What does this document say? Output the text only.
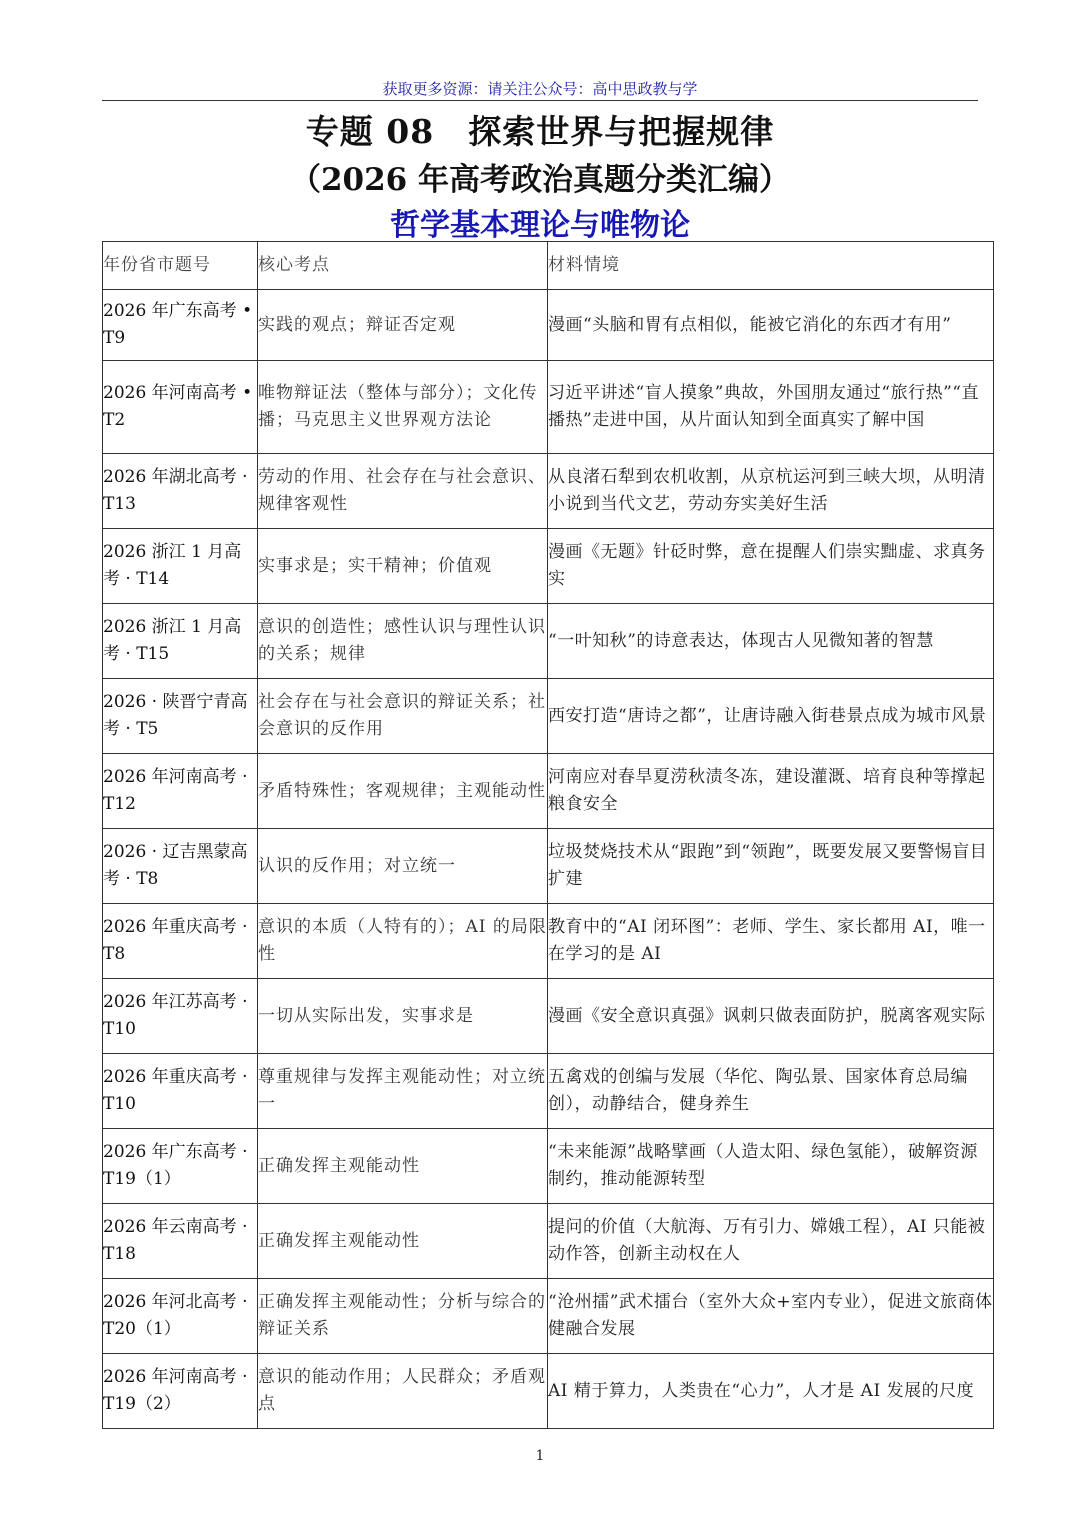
获取更多资源：请关注公众号：高中思政教与学
专题 08　探索世界与把握规律
（2026 年高考政治真题分类汇编）
哲学基本理论与唯物论
年份省市题号	核心考点	材料情境
2026 年广东高考 • T9	实践的观点；辩证否定观	漫画“头脑和胃有点相似，能被它消化的东西才有用”
2026 年河南高考 • T2	唯物辩证法（整体与部分）；文化传播；马克思主义世界观方法论	习近平讲述“盲人摸象”典故，外国朋友通过“旅行热”“直播热”走进中国，从片面认知到全面真实了解中国
2026 年湖北高考 · T13	劳动的作用、社会存在与社会意识、规律客观性	从良渚石犁到农机收割，从京杭运河到三峡大坝，从明清小说到当代文艺，劳动夯实美好生活
2026 浙江 1 月高考 · T14	实事求是；实干精神；价值观	漫画《无题》针砭时弊，意在提醒人们崇实黜虚、求真务实
2026 浙江 1 月高考 · T15	意识的创造性；感性认识与理性认识的关系；规律	“一叶知秋”的诗意表达，体现古人见微知著的智慧
2026 · 陕晋宁青高考 · T5	社会存在与社会意识的辩证关系；社会意识的反作用	西安打造“唐诗之都”，让唐诗融入街巷景点成为城市风景
2026 年河南高考 · T12	矛盾特殊性；客观规律；主观能动性	河南应对春旱夏涝秋渍冬冻，建设灌溉、培育良种等撑起粮食安全
2026 · 辽吉黑蒙高考 · T8	认识的反作用；对立统一	垃圾焚烧技术从“跟跑”到“领跑”，既要发展又要警惕盲目扩建
2026 年重庆高考 · T8	意识的本质（人特有的）；AI 的局限性	教育中的“AI 闭环图”：老师、学生、家长都用 AI，唯一在学习的是 AI
2026 年江苏高考 · T10	一切从实际出发，实事求是	漫画《安全意识真强》讽刺只做表面防护，脱离客观实际
2026 年重庆高考 · T10	尊重规律与发挥主观能动性；对立统一	五禽戏的创编与发展（华佗、陶弘景、国家体育总局编创），动静结合，健身养生
2026 年广东高考 · T19（1）	正确发挥主观能动性	“未来能源”战略擘画（人造太阳、绿色氢能），破解资源制约，推动能源转型
2026 年云南高考 · T18	正确发挥主观能动性	提问的价值（大航海、万有引力、嫦娥工程），AI 只能被动作答，创新主动权在人
2026 年河北高考 · T20（1）	正确发挥主观能动性；分析与综合的辩证关系	“沧州擂”武术擂台（室外大众+室内专业），促进文旅商体健融合发展
2026 年河南高考 · T19（2）	意识的能动作用；人民群众；矛盾观点	AI 精于算力，人类贵在“心力”，人才是 AI 发展的尺度
1
